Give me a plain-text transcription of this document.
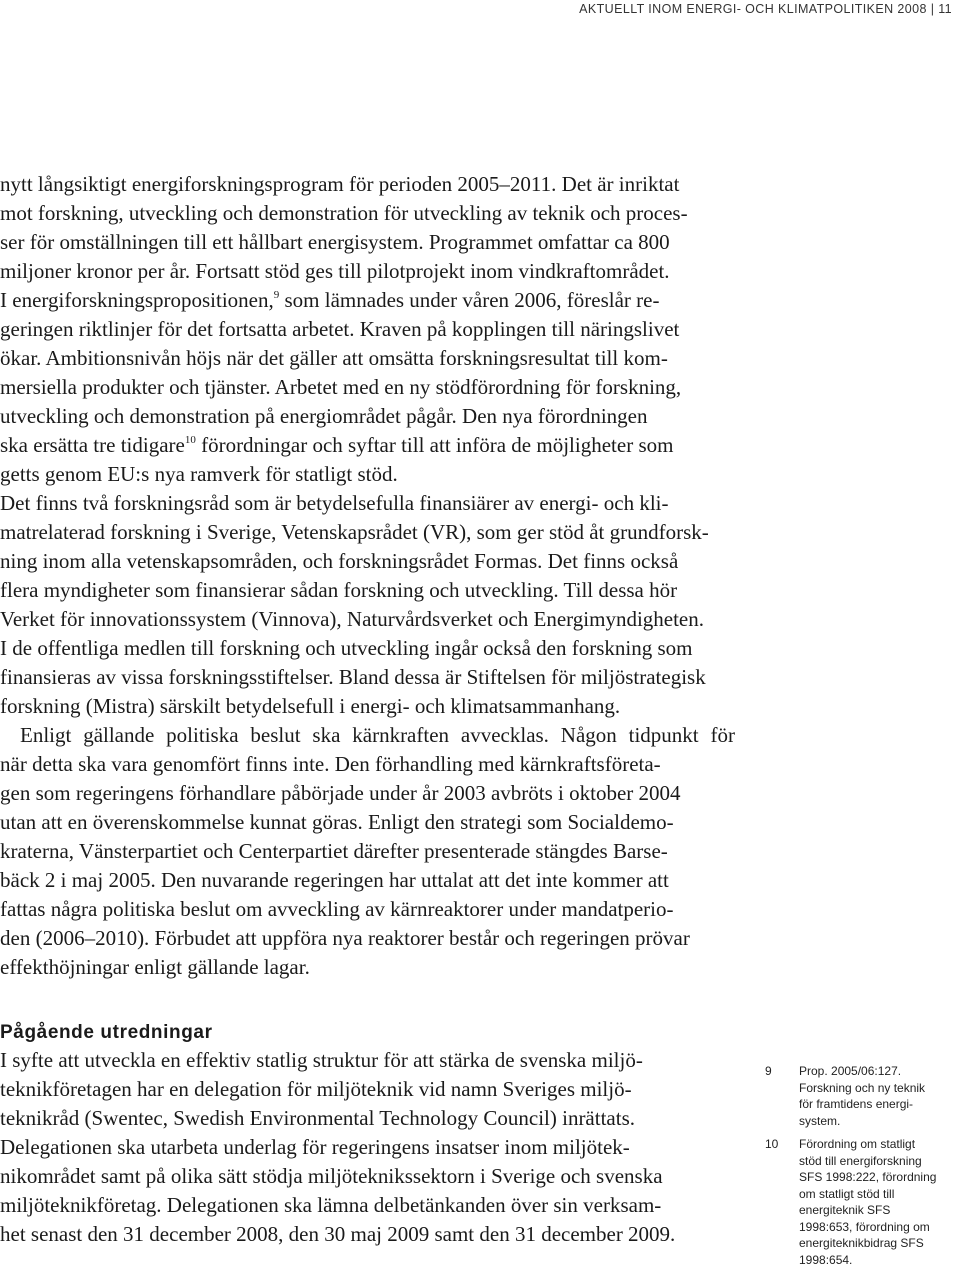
AKTUELLT INOM ENERGI- OCH KLIMATPOLITIKEN 2008 | 11
nytt långsiktigt energiforskningsprogram för perioden 2005–2011. Det är inriktat
mot forskning, utveckling och demonstration för utveckling av teknik och proces-
ser för omställningen till ett hållbart energisystem. Programmet omfattar ca 800
miljoner kronor per år. Fortsatt stöd ges till pilotprojekt inom vindkraftområdet.
I energiforskningspropositionen,$^9$ som lämnades under våren 2006, föreslår re-
geringen riktlinjer för det fortsatta arbetet. Kraven på kopplingen till näringslivet
ökar. Ambitionsnivån höjs när det gäller att omsätta forskningsresultat till kom-
mersiella produkter och tjänster. Arbetet med en ny stödförordning för forskning,
utveckling och demonstration på energiområdet pågår. Den nya förordningen
ska ersätta tre tidigare$^{10}$ förordningar och syftar till att införa de möjligheter som
getts genom EU:s nya ramverk för statligt stöd.
Det finns två forskningsråd som är betydelsefulla finansiärer av energi- och kli-
matrelaterad forskning i Sverige, Vetenskapsrådet (VR), som ger stöd åt grundforsk-
ning inom alla vetenskapsområden, och forskningsrådet Formas. Det finns också
flera myndigheter som finansierar sådan forskning och utveckling. Till dessa hör
Verket för innovationssystem (Vinnova), Naturvårdsverket och Energimyndigheten.
I de offentliga medlen till forskning och utveckling ingår också den forskning som
finansieras av vissa forskningsstiftelser. Bland dessa är Stiftelsen för miljöstrategisk
forskning (Mistra) särskilt betydelsefull i energi- och klimatsammanhang.
Enligt gällande politiska beslut ska kärnkraften avvecklas. Någon tidpunkt för
när detta ska vara genomfört finns inte. Den förhandling med kärnkraftsföreta-
gen som regeringens förhandlare påbörjade under år 2003 avbröts i oktober 2004
utan att en överenskommelse kunnat göras. Enligt den strategi som Socialdemo-
kraterna, Vänsterpartiet och Centerpartiet därefter presenterade stängdes Barse-
bäck 2 i maj 2005. Den nuvarande regeringen har uttalat att det inte kommer att
fattas några politiska beslut om avveckling av kärnreaktorer under mandatperio-
den (2006–2010). Förbudet att uppföra nya reaktorer består och regeringen prövar
effekthöjningar enligt gällande lagar.
Pågående utredningar
I syfte att utveckla en effektiv statlig struktur för att stärka de svenska miljö-
teknikföretagen har en delegation för miljöteknik vid namn Sveriges miljö-
teknikråd (Swentec, Swedish Environmental Technology Council) inrättats.
Delegationen ska utarbeta underlag för regeringens insatser inom miljötek-
nikområdet samt på olika sätt stödja miljöteknikssektorn i Sverige och svenska
miljöteknikföretag. Delegationen ska lämna delbetänkanden över sin verksam-
het senast den 31 december 2008, den 30 maj 2009 samt den 31 december 2009.
9	Prop. 2005/06:127.
Forskning och ny teknik
för framtidens energi-
system.
10	Förordning om statligt
stöd till energiforskning
SFS 1998:222, förordning
om statligt stöd till
energiteknik SFS
1998:653, förordning om
energiteknikbidrag SFS
1998:654.
